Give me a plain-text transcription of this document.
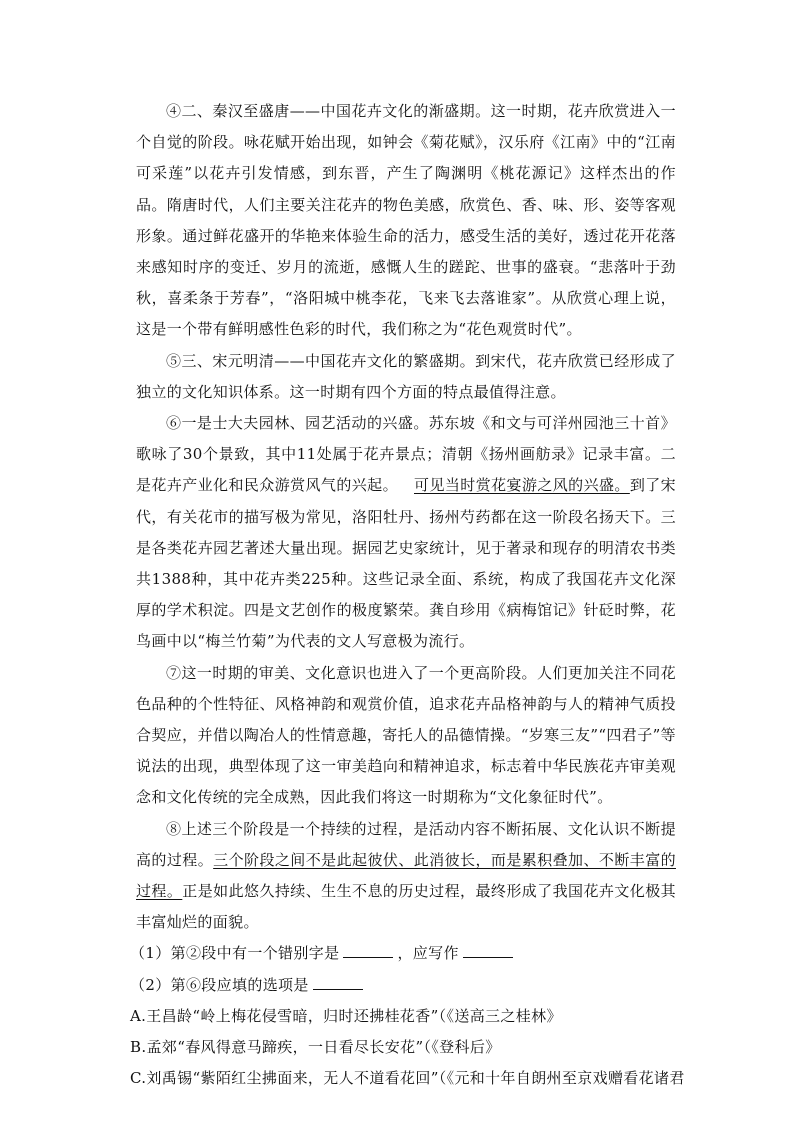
④二、秦汉至盛唐——中国花卉文化的渐盛期。这一时期，花卉欣赏进入一个自觉的阶段。咏花赋开始出现，如钟会《菊花赋》，汉乐府《江南》中的“江南可采莲”以花卉引发情感，到东晋，产生了陶渊明《桃花源记》这样杰出的作品。隋唐时代，人们主要关注花卉的物色美感，欣赏色、香、味、形、姿等客观形象。通过鲜花盛开的华艳来体验生命的活力，感受生活的美好，透过花开花落来感知时序的变迁、岁月的流逝，感慨人生的蹉跎、世事的盛衰。“悲落叶于劲秋，喜柔条于芳春”，“洛阳城中桃李花，飞来飞去落谁家”。从欣赏心理上说，这是一个带有鲜明感性色彩的时代，我们称之为“花色观赏时代”。

⑤三、宋元明清——中国花卉文化的繁盛期。到宋代，花卉欣赏已经形成了独立的文化知识体系。这一时期有四个方面的特点最值得注意。

⑥一是士大夫园林、园艺活动的兴盛。苏东坡《和文与可洋州园池三十首》歌咏了30个景致，其中11处属于花卉景点；清朝《扬州画舫录》记录丰富。二是花卉产业化和民众游赏风气的兴起。 可见当时赏花宴游之风的兴盛。到了宋代，有关花市的描写极为常见，洛阳牡丹、扬州芍药都在这一阶段名扬天下。三是各类花卉园艺著述大量出现。据园艺史家统计，见于著录和现存的明清农书类共1388种，其中花卉类225种。这些记录全面、系统，构成了我国花卉文化深厚的学术积淀。四是文艺创作的极度繁荣。龚自珍用《病梅馆记》针砭时弊，花鸟画中以“梅兰竹菊”为代表的文人写意极为流行。

⑦这一时期的审美、文化意识也进入了一个更高阶段。人们更加关注不同花色品种的个性特征、风格神韵和观赏价值，追求花卉品格神韵与人的精神气质投合契应，并借以陶冶人的性情意趣，寄托人的品德情操。“岁寒三友”“四君子”等说法的出现，典型体现了这一审美趋向和精神追求，标志着中华民族花卉审美观念和文化传统的完全成熟，因此我们将这一时期称为“文化象征时代”。

⑧上述三个阶段是一个持续的过程，是活动内容不断拓展、文化认识不断提高的过程。三个阶段之间不是此起彼伏、此消彼长，而是累积叠加、不断丰富的过程。正是如此悠久持续、生生不息的历史过程，最终形成了我国花卉文化极其丰富灿烂的面貌。

（1）第②段中有一个错别字是	，应写作

（2）第⑥段应填的选项是

A.王昌龄“岭上梅花侵雪暗，归时还拂桂花香”（《送高三之桂林》

B.孟郊“春风得意马蹄疾，一日看尽长安花”（《登科后》

C.刘禹锡“紫陌红尘拂面来，无人不道看花回”（《元和十年自朗州至京戏赠看花诸君
